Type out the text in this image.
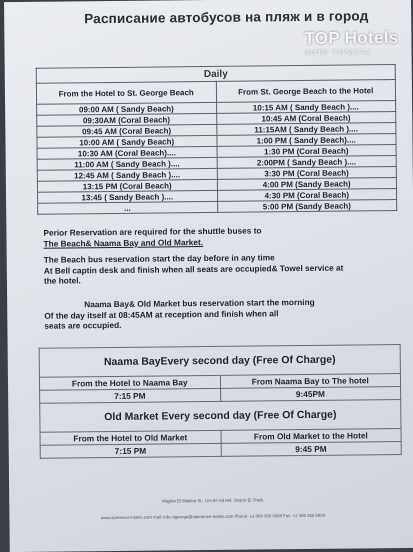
Расписание автобусов на пляж и в город
TOP Hotels
ФОТО ТУРИСТА
Daily	
From the Hotel to St. George Beach	From St. George Beach to the Hotel
09:00 AM ( Sandy Beach)	10:15 AM ( Sandy Beach )....
09:30AM (Coral Beach)	10:45 AM (Coral Beach)
09:45 AM (Coral Beach)	11:15AM ( Sandy Beach )....
10:00 AM ( Sandy Beach)	1:00 PM ( Sandy Beach)....
10:30 AM (Coral Beach)....	1:30 PM (Coral Beach)
11:00 AM ( Sandy Beach )....	2:00PM ( Sandy Beach )....
12:45 AM ( Sandy Beach )....	3:30 PM (Coral Beach)
13:15 PM (Coral Beach)	4:00 PM (Sandy Beach)
13:45 ( Sandy Beach )....	4:30 PM (Coral Beach)
...	5:00 PM (Sandy Beach)
Perior Reservation are required for the shuttle buses to
The Beach& Naama Bay and Old Market.
The Beach bus reservation start the day before in any time
At Bell captin desk and finish when all seats are occupied& Towel service at
the hotel.
Naama Bay& Old Market bus reservation start the morning
Of the day itself at 08:45AM at reception and finish when all
seats are occupied.
Naama BayEvery second day (Free Of Charge)	
From the Hotel to Naama Bay	From Naama Bay to The hotel
7:15 PM	9:45PM
Old Market Every second day (Free Of Charge)	
From the Hotel to Old Market	From Old Market to the Hotel
7:15 PM	9:45 PM
Magles El Madina St., Um El Sid Hill, Sharm El Sheik
www.xperience-hotels.com mail: info.stgeorge@xperience-hotels.com Phone: +2 069 366 0888 Fax: +2 069 366 5900
